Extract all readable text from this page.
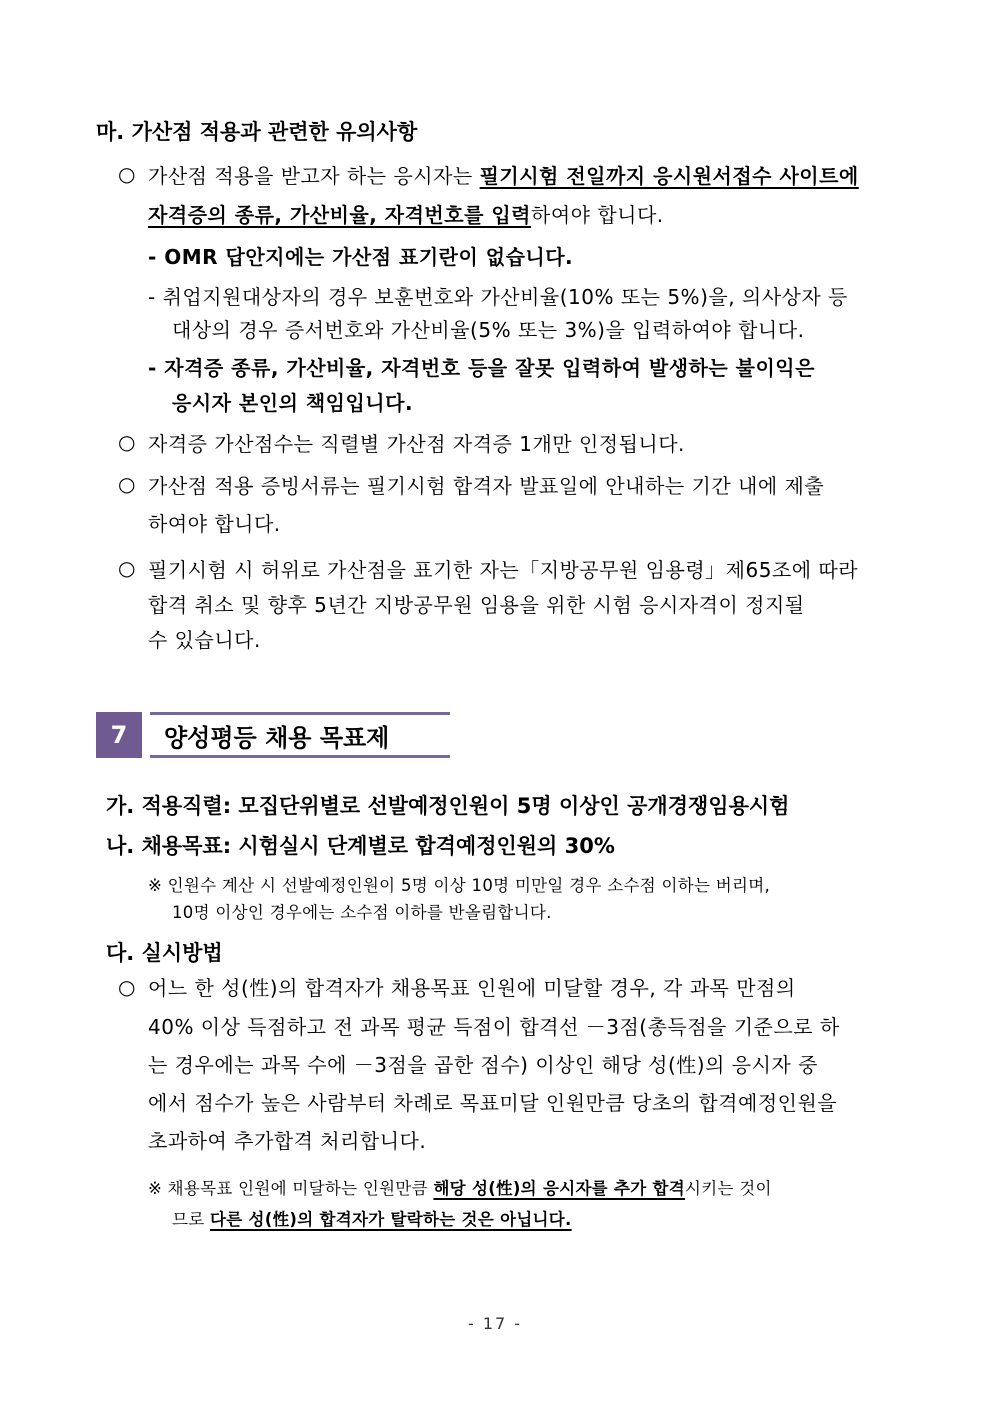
마. 가산점 적용과 관련한 유의사항
○ 가산점 적용을 받고자 하는 응시자는 필기시험 전일까지 응시원서접수 사이트에
자격증의 종류, 가산비율, 자격번호를 입력하여야 합니다.
- OMR 답안지에는 가산점 표기란이 없습니다.
- 취업지원대상자의 경우 보훈번호와 가산비율(10% 또는 5%)을, 의사상자 등
대상의 경우 증서번호와 가산비율(5% 또는 3%)을 입력하여야 합니다.
- 자격증 종류, 가산비율, 자격번호 등을 잘못 입력하여 발생하는 불이익은
응시자 본인의 책임입니다.
○ 자격증 가산점수는 직렬별 가산점 자격증 1개만 인정됩니다.
○ 가산점 적용 증빙서류는 필기시험 합격자 발표일에 안내하는 기간 내에 제출
하여야 합니다.
○ 필기시험 시 허위로 가산점을 표기한 자는「지방공무원 임용령」제65조에 따라
합격 취소 및 향후 5년간 지방공무원 임용을 위한 시험 응시자격이 정지될
수 있습니다.
7	양성평등 채용 목표제
가. 적용직렬: 모집단위별로 선발예정인원이 5명 이상인 공개경쟁임용시험
나. 채용목표: 시험실시 단계별로 합격예정인원의 30%
※ 인원수 계산 시 선발예정인원이 5명 이상 10명 미만일 경우 소수점 이하는 버리며,
10명 이상인 경우에는 소수점 이하를 반올림합니다.
다. 실시방법
○ 어느 한 성(性)의 합격자가 채용목표 인원에 미달할 경우, 각 과목 만점의
40% 이상 득점하고 전 과목 평균 득점이 합격선 －3점(총득점을 기준으로 하
는 경우에는 과목 수에 －3점을 곱한 점수) 이상인 해당 성(性)의 응시자 중
에서 점수가 높은 사람부터 차례로 목표미달 인원만큼 당초의 합격예정인원을
초과하여 추가합격 처리합니다.
※ 채용목표 인원에 미달하는 인원만큼 해당 성(性)의 응시자를 추가 합격시키는 것이
므로 다른 성(性)의 합격자가 탈락하는 것은 아닙니다.
- 17 -
